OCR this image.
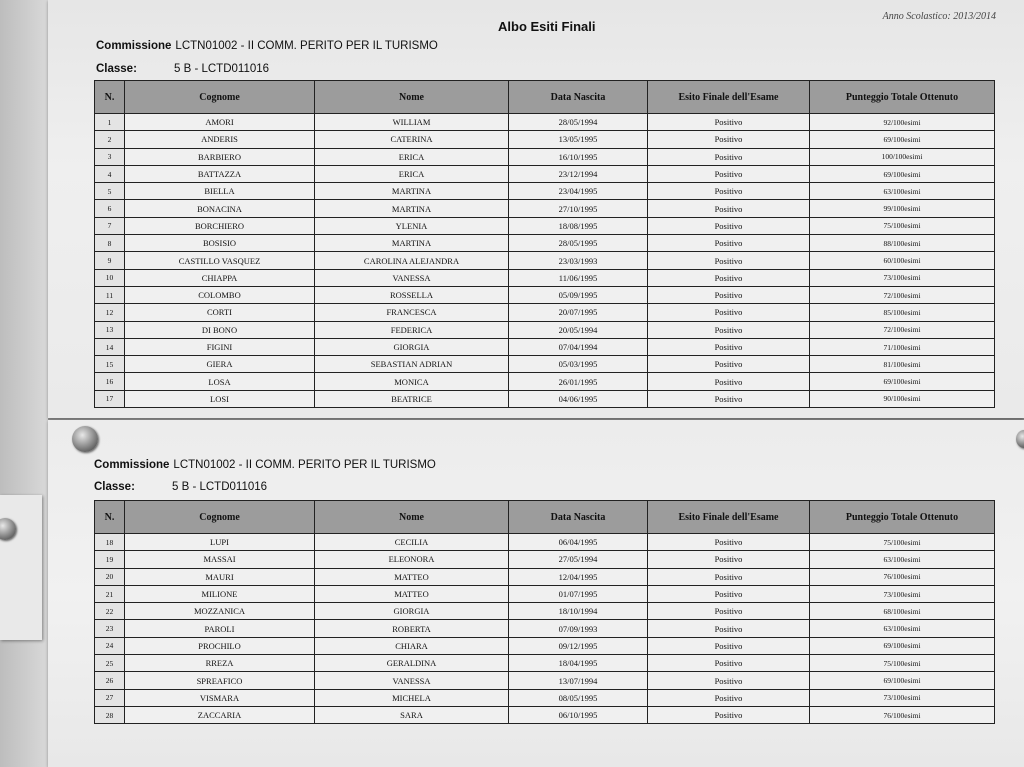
Albo Esiti Finali
Anno Scolastico: 2013/2014
Commissione LCTN01002 - II COMM. PERITO PER IL TURISMO
Classe:	5 B - LCTD011016
N.	Cognome	Nome	Data Nascita	Esito Finale dell'Esame	Punteggio Totale Ottenuto
1	AMORI	WILLIAM	28/05/1994	Positivo	92/100esimi
2	ANDERIS	CATERINA	13/05/1995	Positivo	69/100esimi
3	BARBIERO	ERICA	16/10/1995	Positivo	100/100esimi
4	BATTAZZA	ERICA	23/12/1994	Positivo	69/100esimi
5	BIELLA	MARTINA	23/04/1995	Positivo	63/100esimi
6	BONACINA	MARTINA	27/10/1995	Positivo	99/100esimi
7	BORCHIERO	YLENIA	18/08/1995	Positivo	75/100esimi
8	BOSISIO	MARTINA	28/05/1995	Positivo	88/100esimi
9	CASTILLO VASQUEZ	CAROLINA ALEJANDRA	23/03/1993	Positivo	60/100esimi
10	CHIAPPA	VANESSA	11/06/1995	Positivo	73/100esimi
11	COLOMBO	ROSSELLA	05/09/1995	Positivo	72/100esimi
12	CORTI	FRANCESCA	20/07/1995	Positivo	85/100esimi
13	DI BONO	FEDERICA	20/05/1994	Positivo	72/100esimi
14	FIGINI	GIORGIA	07/04/1994	Positivo	71/100esimi
15	GIERA	SEBASTIAN ADRIAN	05/03/1995	Positivo	81/100esimi
16	LOSA	MONICA	26/01/1995	Positivo	69/100esimi
17	LOSI	BEATRICE	04/06/1995	Positivo	90/100esimi
Commissione LCTN01002 - II COMM. PERITO PER IL TURISMO
Classe:	5 B - LCTD011016
N.	Cognome	Nome	Data Nascita	Esito Finale dell'Esame	Punteggio Totale Ottenuto
18	LUPI	CECILIA	06/04/1995	Positivo	75/100esimi
19	MASSAI	ELEONORA	27/05/1994	Positivo	63/100esimi
20	MAURI	MATTEO	12/04/1995	Positivo	76/100esimi
21	MILIONE	MATTEO	01/07/1995	Positivo	73/100esimi
22	MOZZANICA	GIORGIA	18/10/1994	Positivo	68/100esimi
23	PAROLI	ROBERTA	07/09/1993	Positivo	63/100esimi
24	PROCHILO	CHIARA	09/12/1995	Positivo	69/100esimi
25	RREZA	GERALDINA	18/04/1995	Positivo	75/100esimi
26	SPREAFICO	VANESSA	13/07/1994	Positivo	69/100esimi
27	VISMARA	MICHELA	08/05/1995	Positivo	73/100esimi
28	ZACCARIA	SARA	06/10/1995	Positivo	76/100esimi
